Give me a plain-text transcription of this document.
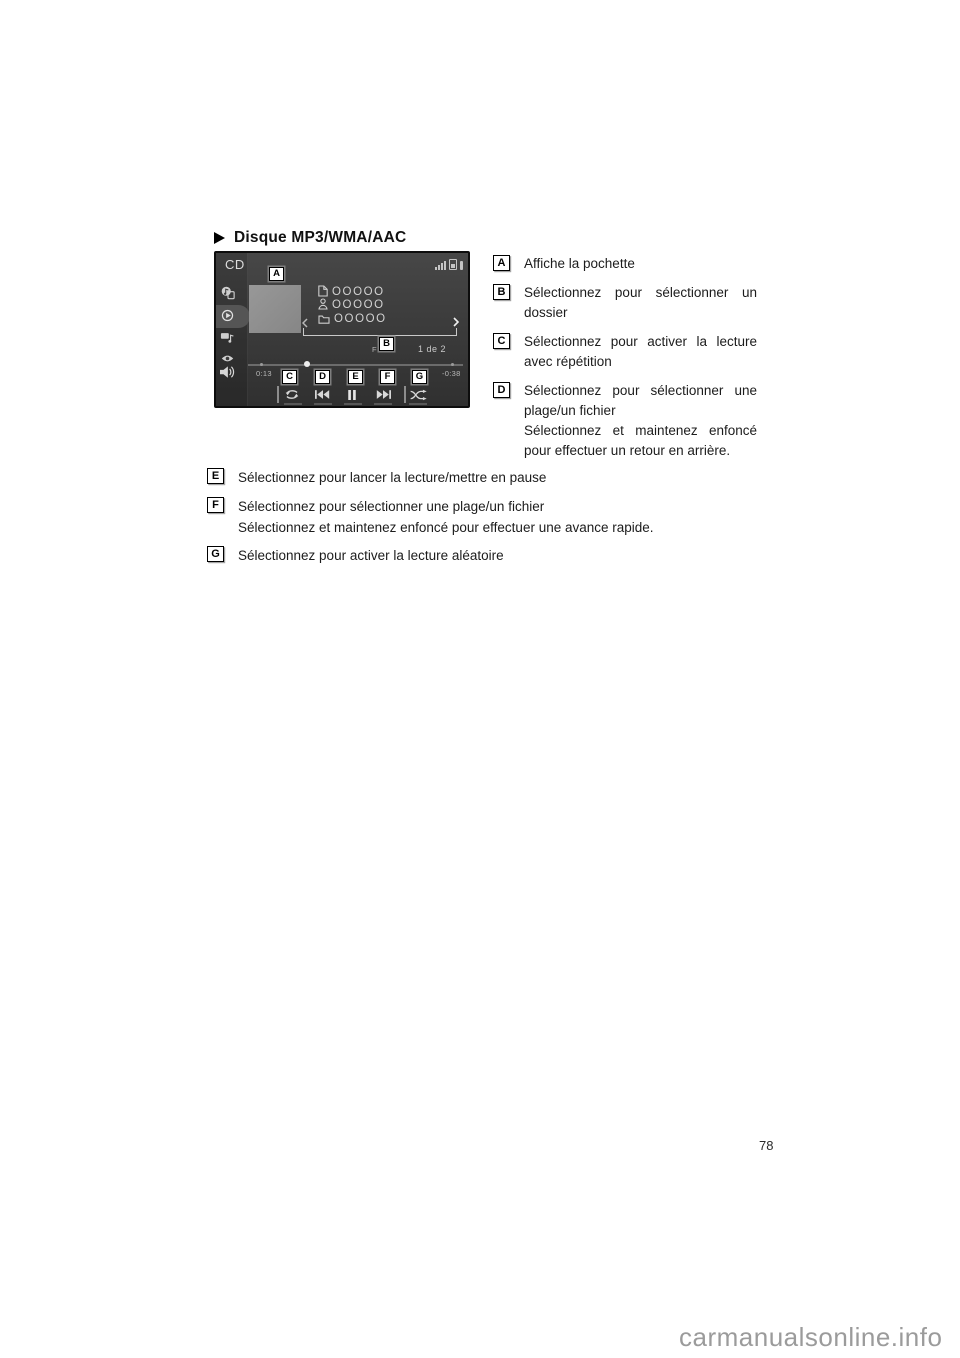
Disque MP3/WMA/AAC
CD
A
OOOOO
OOOOO
OOOOO
F
B	1 de 2
0:13	-0:38
C	D	E	F	G
A	Affiche la pochette
B	Sélectionnez pour sélectionner un
dossier
C	Sélectionnez pour activer la lecture
avec répétition
D	Sélectionnez pour sélectionner une
plage/un fichier
Sélectionnez et maintenez enfoncé
pour effectuer un retour en arrière.
E	Sélectionnez pour lancer la lecture/mettre en pause
F	Sélectionnez pour sélectionner une plage/un fichier
Sélectionnez et maintenez enfoncé pour effectuer une avance rapide.
G	Sélectionnez pour activer la lecture aléatoire
78
carmanualsonline.info
